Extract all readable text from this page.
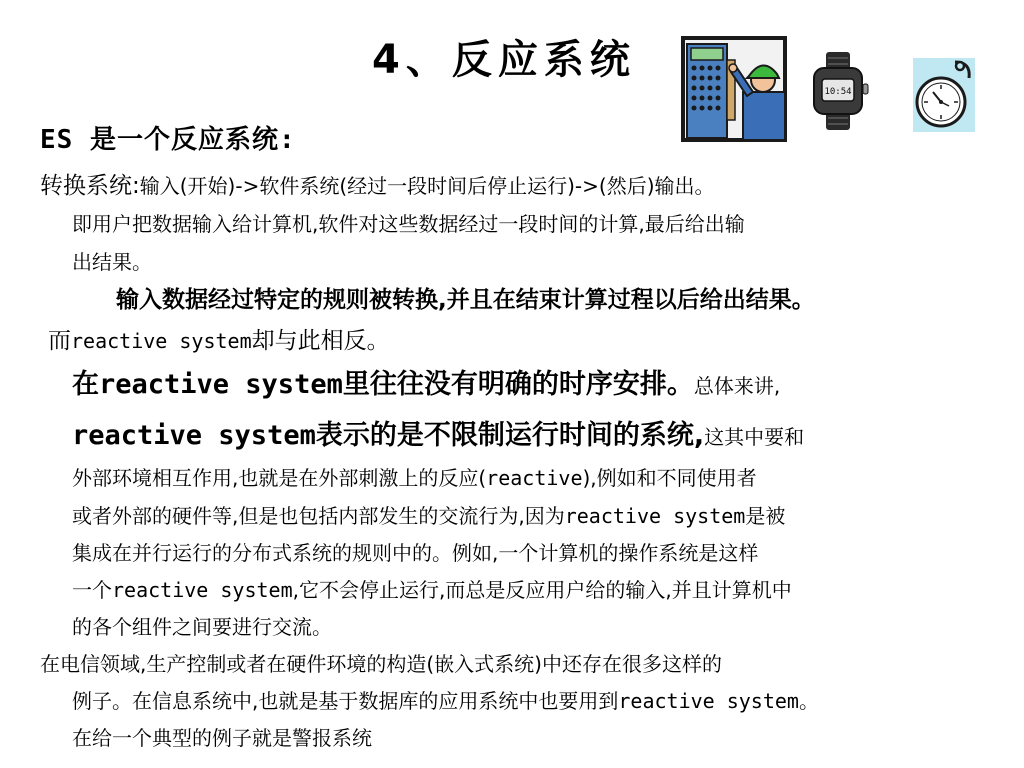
4、反应系统
10:54
ES 是一个反应系统:
转换系统:输入(开始)->软件系统(经过一段时间后停止运行)->(然后)输出。
即用户把数据输入给计算机,软件对这些数据经过一段时间的计算,最后给出输
出结果。
输入数据经过特定的规则被转换,并且在结束计算过程以后给出结果。
而reactive system却与此相反。
在reactive system里往往没有明确的时序安排。总体来讲,
reactive system表示的是不限制运行时间的系统,这其中要和
外部环境相互作用,也就是在外部刺激上的反应(reactive),例如和不同使用者
或者外部的硬件等,但是也包括内部发生的交流行为,因为reactive system是被
集成在并行运行的分布式系统的规则中的。例如,一个计算机的操作系统是这样
一个reactive system,它不会停止运行,而总是反应用户给的输入,并且计算机中
的各个组件之间要进行交流。
在电信领域,生产控制或者在硬件环境的构造(嵌入式系统)中还存在很多这样的
例子。在信息系统中,也就是基于数据库的应用系统中也要用到reactive system。
在给一个典型的例子就是警报系统
